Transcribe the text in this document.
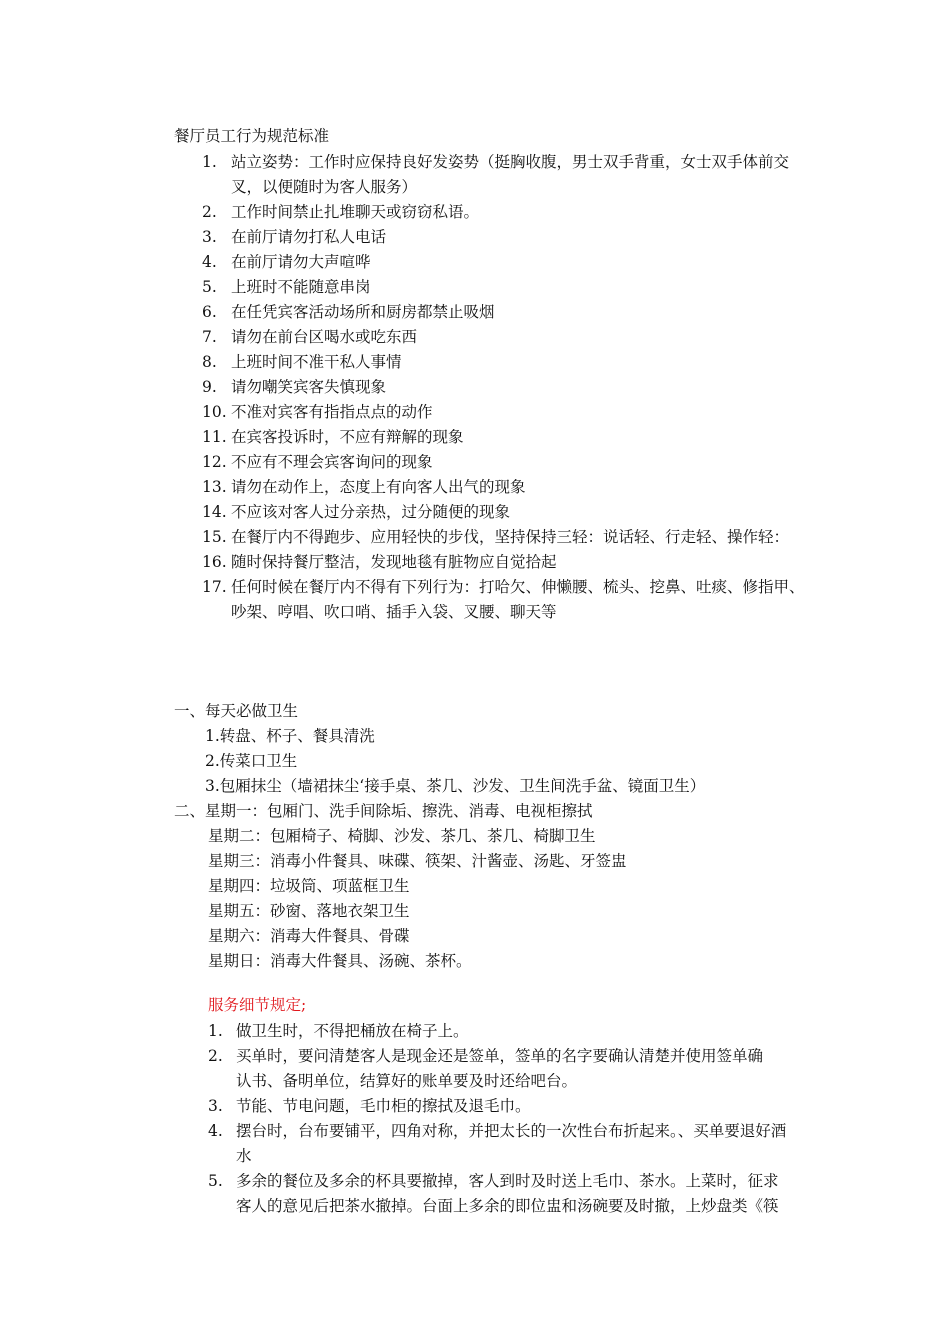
餐厅员工行为规范标准
1. 站立姿势：工作时应保持良好发姿势（挺胸收腹，男士双手背重，女士双手体前交
叉，以便随时为客人服务）
2. 工作时间禁止扎堆聊天或窃窃私语。
3. 在前厅请勿打私人电话
4. 在前厅请勿大声喧哗
5. 上班时不能随意串岗
6. 在任凭宾客活动场所和厨房都禁止吸烟
7. 请勿在前台区喝水或吃东西
8. 上班时间不准干私人事情
9. 请勿嘲笑宾客失慎现象
10. 不准对宾客有指指点点的动作
11. 在宾客投诉时，不应有辩解的现象
12. 不应有不理会宾客询问的现象
13. 请勿在动作上，态度上有向客人出气的现象
14. 不应该对客人过分亲热，过分随便的现象
15. 在餐厅内不得跑步、应用轻快的步伐，坚持保持三轻：说话轻、行走轻、操作轻：
16. 随时保持餐厅整洁，发现地毯有脏物应自觉拾起
17. 任何时候在餐厅内不得有下列行为：打哈欠、伸懒腰、梳头、挖鼻、吐痰、修指甲、
吵架、哼唱、吹口哨、插手入袋、叉腰、聊天等
一、每天必做卫生
1.转盘、杯子、餐具清洗
2.传菜口卫生
3.包厢抹尘（墙裙抹尘‘接手桌、茶几、沙发、卫生间洗手盆、镜面卫生）
二、星期一：包厢门、洗手间除垢、擦洗、消毒、电视柜擦拭
星期二：包厢椅子、椅脚、沙发、茶几、茶几、椅脚卫生
星期三：消毒小件餐具、味碟、筷架、汁酱壶、汤匙、牙签盅
星期四：垃圾筒、项蓝框卫生
星期五：砂窗、落地衣架卫生
星期六：消毒大件餐具、骨碟
星期日：消毒大件餐具、汤碗、茶杯。
服务细节规定;
1. 做卫生时，不得把桶放在椅子上。
2. 买单时，要问清楚客人是现金还是签单，签单的名字要确认清楚并使用签单确
认书、备明单位，结算好的账单要及时还给吧台。
3. 节能、节电问题，毛巾柜的擦拭及退毛巾。
4. 摆台时，台布要铺平，四角对称，并把太长的一次性台布折起来。、买单要退好酒
水
5. 多余的餐位及多余的杯具要撤掉，客人到时及时送上毛巾、茶水。上菜时，征求
客人的意见后把茶水撤掉。台面上多余的即位盅和汤碗要及时撤，上炒盘类《筷
